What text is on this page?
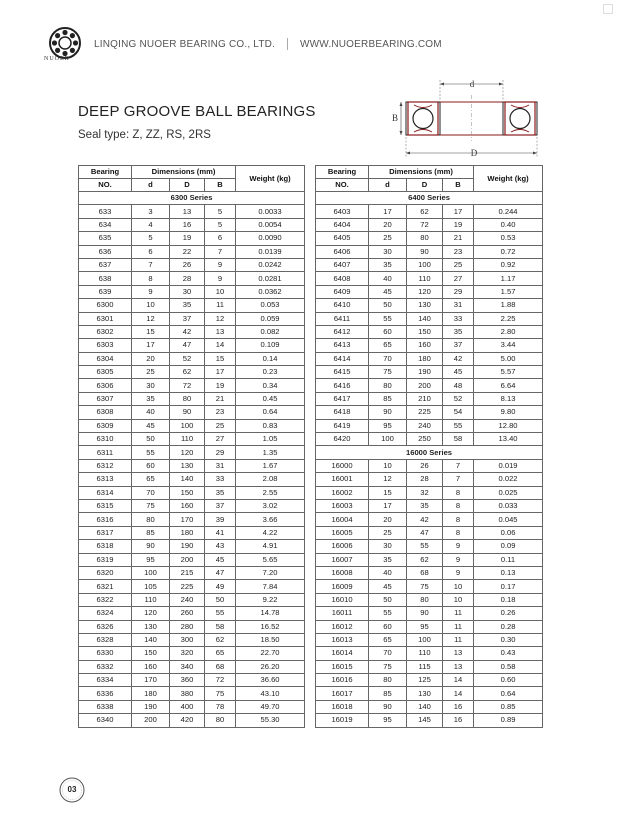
NUOER
LINQING NUOER BEARING CO., LTD. WWW.NUOERBEARING.COM
DEEP GROOVE BALL BEARINGS
Seal type: Z, ZZ, RS, 2RS
d
B
D
Bearing	Dimensions (mm)			Weight (kg)
NO.	d	D	B	
6300 Series				
633	3	13	5	0.0033
634	4	16	5	0.0054
635	5	19	6	0.0090
636	6	22	7	0.0139
637	7	26	9	0.0242
638	8	28	9	0.0281
639	9	30	10	0.0362
6300	10	35	11	0.053
6301	12	37	12	0.059
6302	15	42	13	0.082
6303	17	47	14	0.109
6304	20	52	15	0.14
6305	25	62	17	0.23
6306	30	72	19	0.34
6307	35	80	21	0.45
6308	40	90	23	0.64
6309	45	100	25	0.83
6310	50	110	27	1.05
6311	55	120	29	1.35
6312	60	130	31	1.67
6313	65	140	33	2.08
6314	70	150	35	2.55
6315	75	160	37	3.02
6316	80	170	39	3.66
6317	85	180	41	4.22
6318	90	190	43	4.91
6319	95	200	45	5.65
6320	100	215	47	7.20
6321	105	225	49	7.84
6322	110	240	50	9.22
6324	120	260	55	14.78
6326	130	280	58	16.52
6328	140	300	62	18.50
6330	150	320	65	22.70
6332	160	340	68	26.20
6334	170	360	72	36.60
6336	180	380	75	43.10
6338	190	400	78	49.70
6340	200	420	80	55.30
Bearing	Dimensions (mm)			Weight (kg)
NO.	d	D	B	
6400 Series				
6403	17	62	17	0.244
6404	20	72	19	0.40
6405	25	80	21	0.53
6406	30	90	23	0.72
6407	35	100	25	0.92
6408	40	110	27	1.17
6409	45	120	29	1.57
6410	50	130	31	1.88
6411	55	140	33	2.25
6412	60	150	35	2.80
6413	65	160	37	3.44
6414	70	180	42	5.00
6415	75	190	45	5.57
6416	80	200	48	6.64
6417	85	210	52	8.13
6418	90	225	54	9.80
6419	95	240	55	12.80
6420	100	250	58	13.40
16000 Series				
16000	10	26	7	0.019
16001	12	28	7	0.022
16002	15	32	8	0.025
16003	17	35	8	0.033
16004	20	42	8	0.045
16005	25	47	8	0.06
16006	30	55	9	0.09
16007	35	62	9	0.11
16008	40	68	9	0.13
16009	45	75	10	0.17
16010	50	80	10	0.18
16011	55	90	11	0.26
16012	60	95	11	0.28
16013	65	100	11	0.30
16014	70	110	13	0.43
16015	75	115	13	0.58
16016	80	125	14	0.60
16017	85	130	14	0.64
16018	90	140	16	0.85
16019	95	145	16	0.89
03
